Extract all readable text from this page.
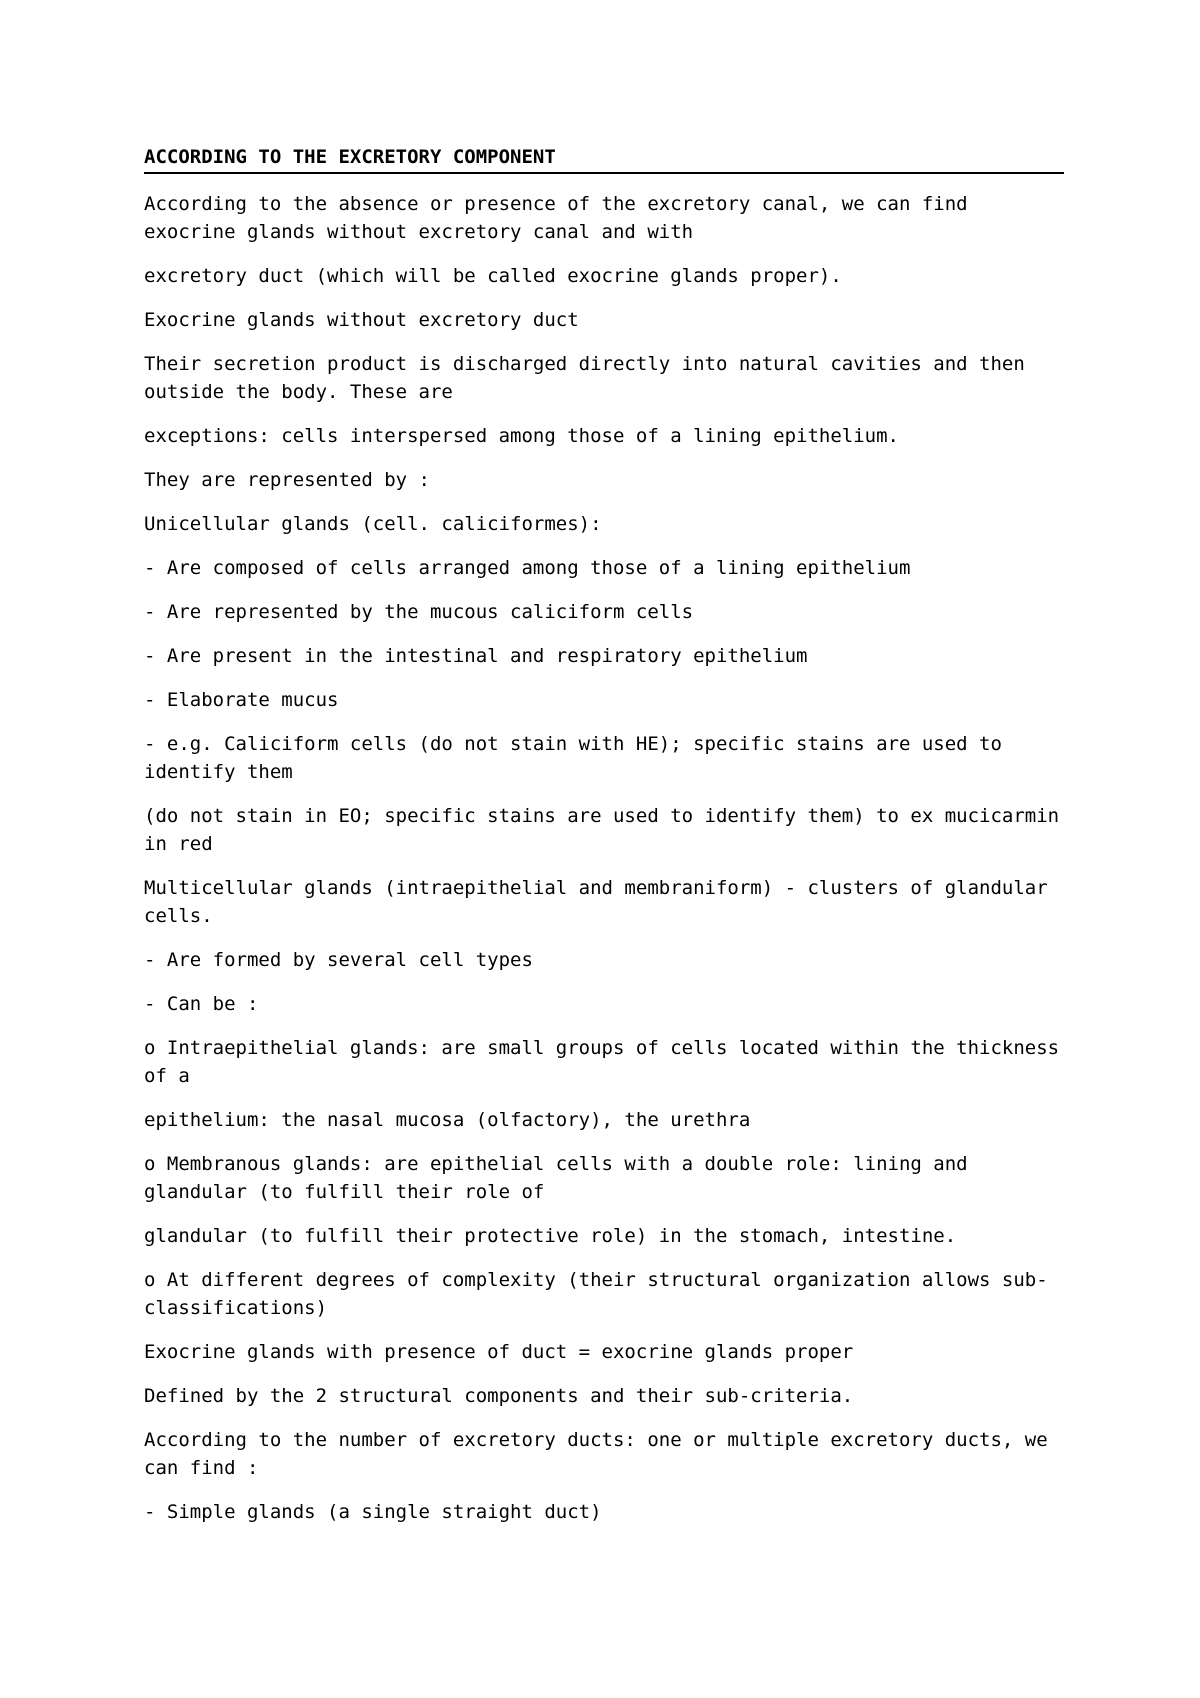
ACCORDING TO THE EXCRETORY COMPONENT

According to the absence or presence of the excretory canal, we can find exocrine glands without excretory canal and with

excretory duct (which will be called exocrine glands proper).

Exocrine glands without excretory duct

Their secretion product is discharged directly into natural cavities and then outside the body. These are

exceptions: cells interspersed among those of a lining epithelium.

They are represented by :

Unicellular glands (cell. caliciformes):

- Are composed of cells arranged among those of a lining epithelium

- Are represented by the mucous caliciform cells

- Are present in the intestinal and respiratory epithelium

- Elaborate mucus

- e.g. Caliciform cells (do not stain with HE); specific stains are used to identify them

(do not stain in EO; specific stains are used to identify them) to ex mucicarmin in red

Multicellular glands (intraepithelial and membraniform) - clusters of glandular cells.

- Are formed by several cell types

- Can be :

o Intraepithelial glands: are small groups of cells located within the thickness of a

epithelium: the nasal mucosa (olfactory), the urethra

o Membranous glands: are epithelial cells with a double role: lining and glandular (to fulfill their role of

glandular (to fulfill their protective role) in the stomach, intestine.

o At different degrees of complexity (their structural organization allows sub-classifications)

Exocrine glands with presence of duct = exocrine glands proper

Defined by the 2 structural components and their sub-criteria.

According to the number of excretory ducts: one or multiple excretory ducts, we can find :

- Simple glands (a single straight duct)
